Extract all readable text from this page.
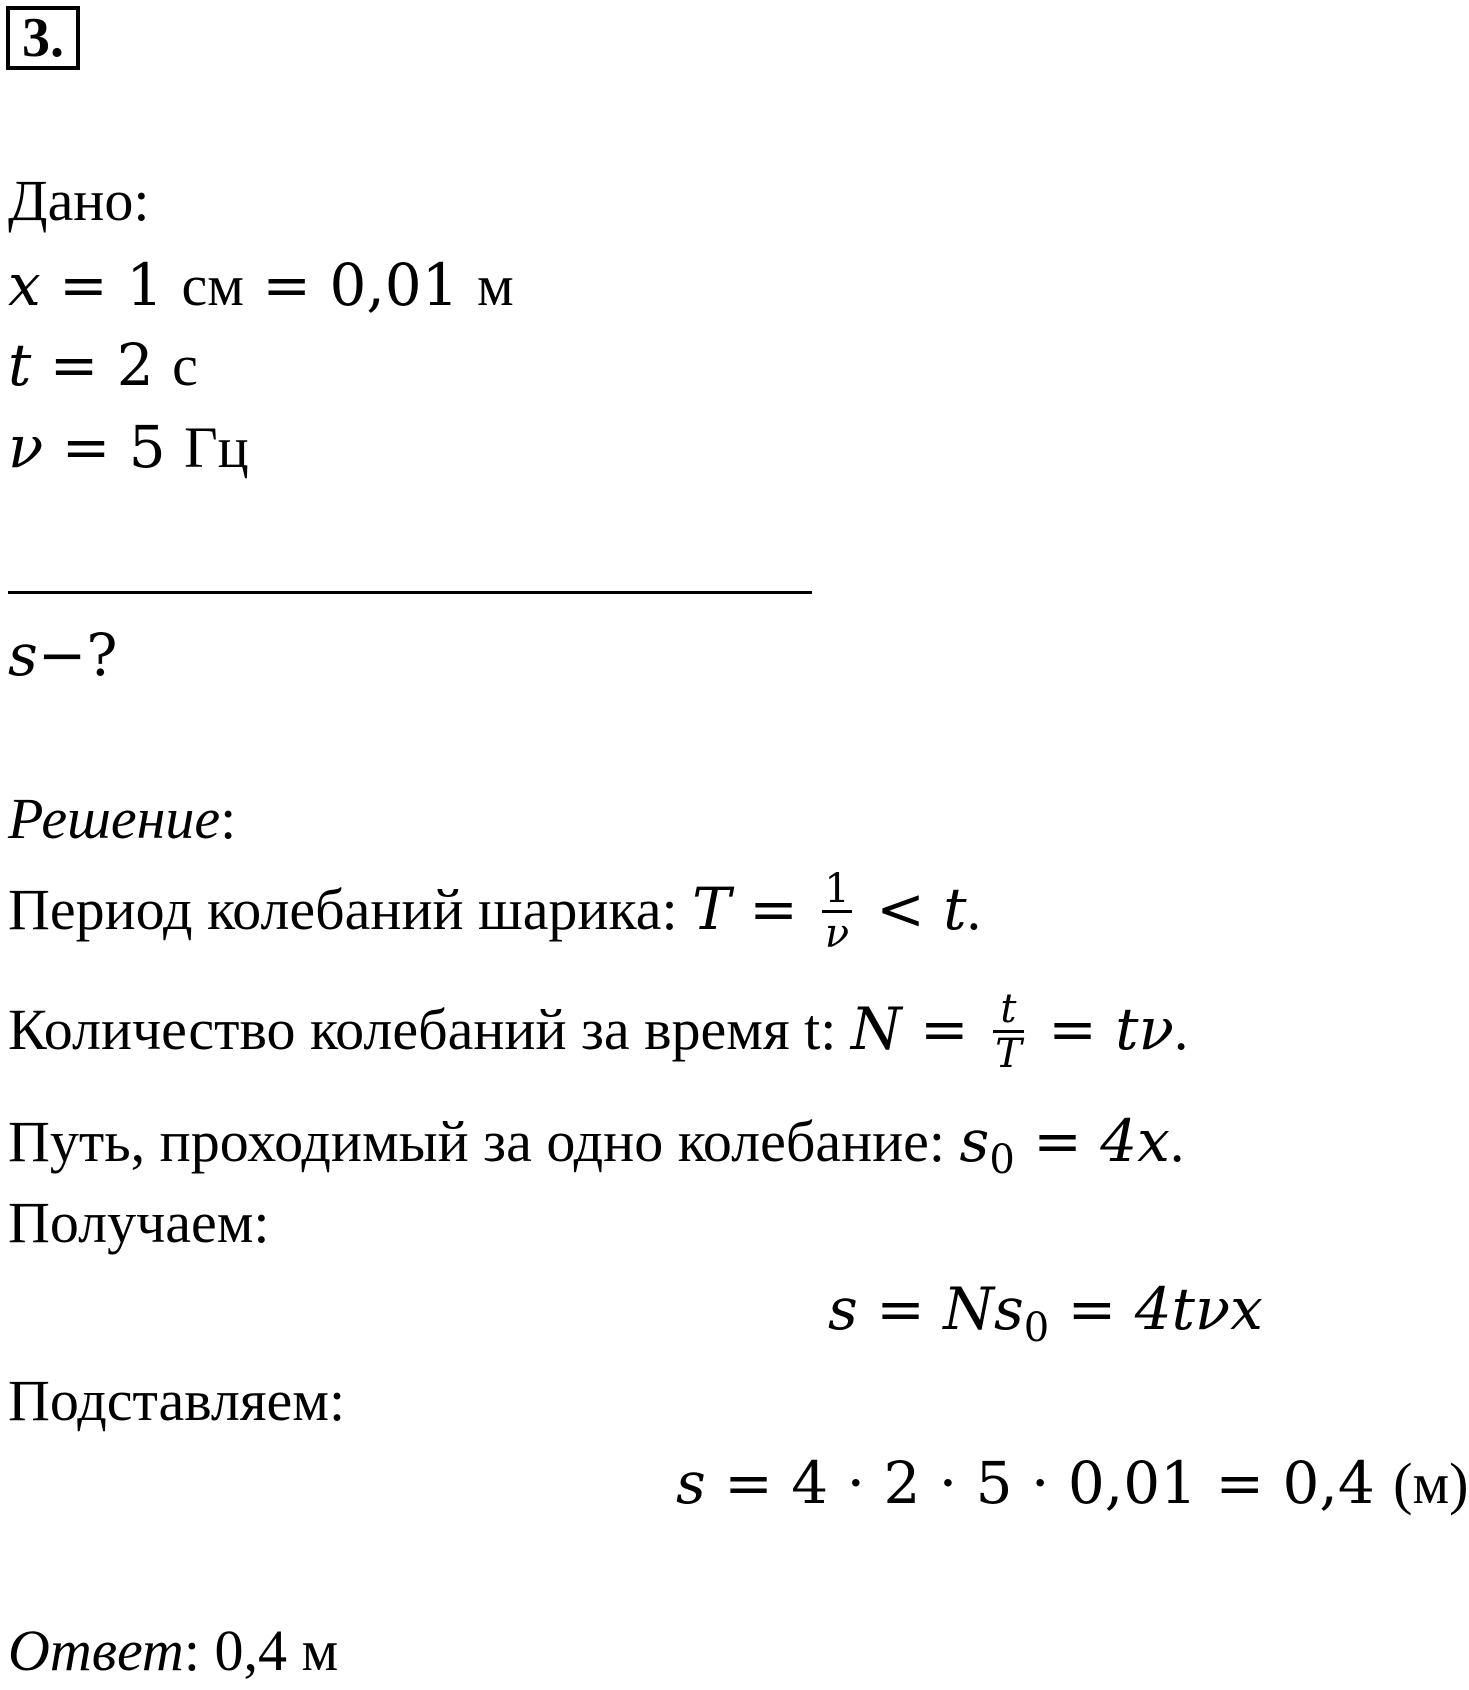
3.
Дано:
x = 1 см = 0,01 м
t = 2 с
ν = 5 Гц
s−?
Решение:
Период колебаний шарика: $T = \frac{1}{\nu} < t$.
Количество колебаний за время t: $N = \frac{t}{T} = t\nu$.
Путь, проходимый за одно колебание: $s_0 = 4x$.
Получаем:
$s = Ns_0 = 4t\nu x$
Подставляем:
s = 4 · 2 · 5 · 0,01 = 0,4 (м)
Ответ: 0,4 м
